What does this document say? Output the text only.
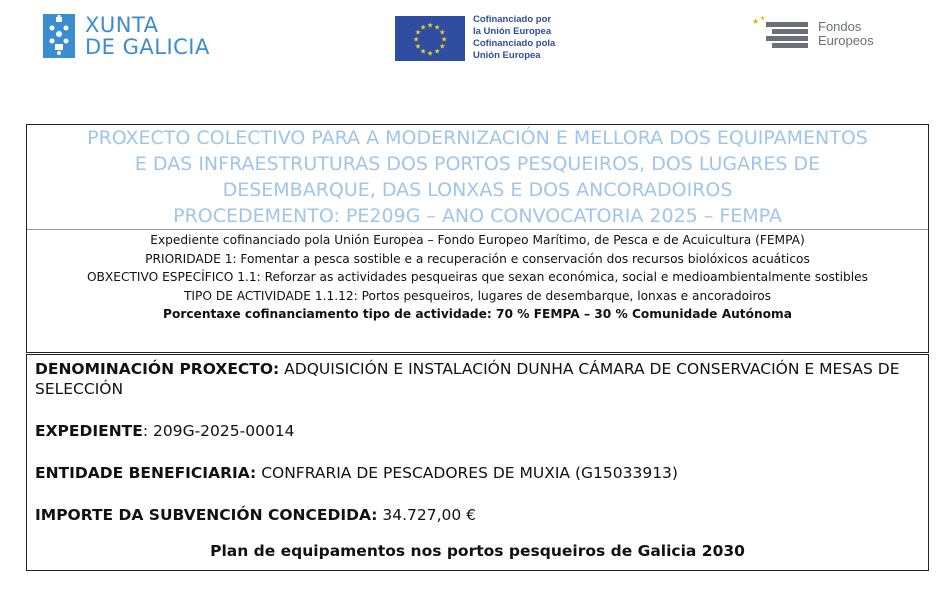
XUNTA
DE GALICIA
★ ★
★
★
★
★
★
★
★
★
★
★
Cofinanciado por
la Unión Europea
Cofinanciado pola
Unión Europea
★ ★
Fondos
Europeos
PROXECTO COLECTIVO PARA A MODERNIZACIÓN E MELLORA DOS EQUIPAMENTOS
E DAS INFRAESTRUTURAS DOS PORTOS PESQUEIROS, DOS LUGARES DE
DESEMBARQUE, DAS LONXAS E DOS ANCORADOIROS
PROCEDEMENTO: PE209G – ANO CONVOCATORIA 2025 – FEMPA
Expediente cofinanciado pola Unión Europea – Fondo Europeo Marítimo, de Pesca e de Acuicultura (FEMPA)
PRIORIDADE 1: Fomentar a pesca sostible e a recuperación e conservación dos recursos biolóxicos acuáticos
OBXECTIVO ESPECÍFICO 1.1: Reforzar as actividades pesqueiras que sexan económica, social e medioambientalmente sostibles
TIPO DE ACTIVIDADE 1.1.12: Portos pesqueiros, lugares de desembarque, lonxas e ancoradoiros
Porcentaxe cofinanciamento tipo de actividade: 70 % FEMPA – 30 % Comunidade Autónoma
DENOMINACIÓN PROXECTO: ADQUISICIÓN E INSTALACIÓN DUNHA CÁMARA DE CONSERVACIÓN E MESAS DE SELECCIÓN
EXPEDIENTE: 209G-2025-00014
ENTIDADE BENEFICIARIA: CONFRARIA DE PESCADORES DE MUXIA (G15033913)
IMPORTE DA SUBVENCIÓN CONCEDIDA: 34.727,00 €
Plan de equipamentos nos portos pesqueiros de Galicia 2030
